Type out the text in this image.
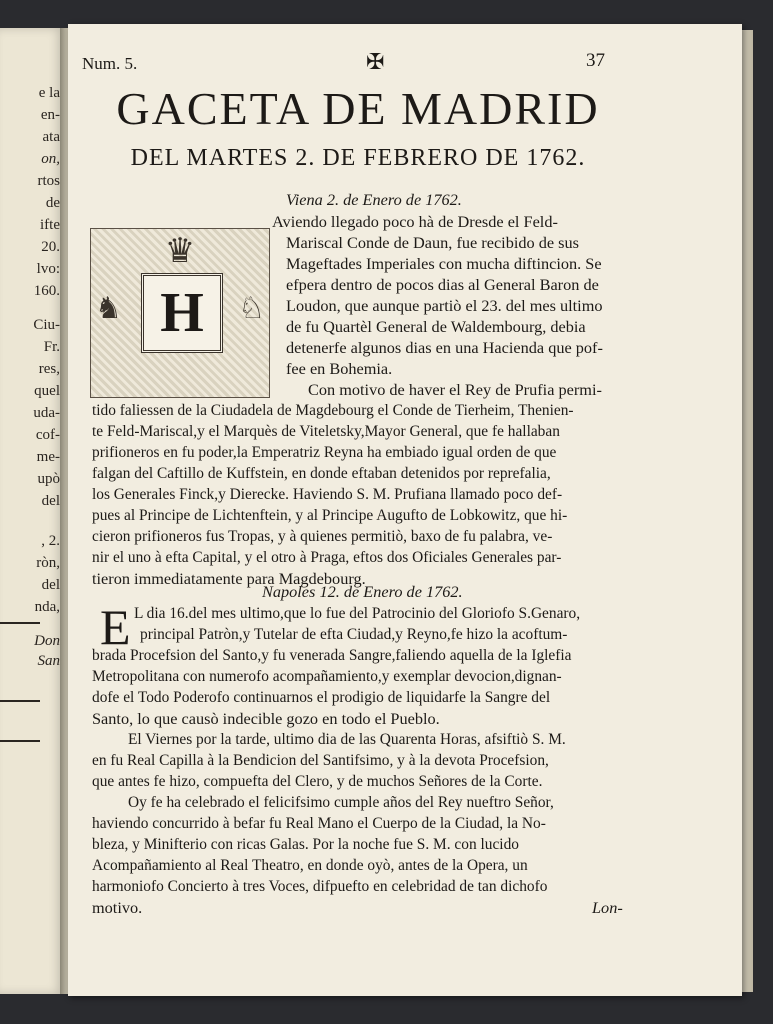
e la
en-
ata
on,
rtos
de
ifte
20.
lvo:
160.
Ciu-
Fr.
res,
quel
uda-
cof-
me-
upò
del
, 2.
ròn,
del
nda,
Don
San
Num. 5.	✠	37
GACETA DE MADRID
DEL MARTES 2. DE FEBRERO DE 1762.
♛
♞	♘
H
Viena 2. de Enero de 1762.
Aviendo llegado poco hà de Dresde el Feld-
Mariscal Conde de Daun, fue recibido de sus
Mageftades Imperiales con mucha diftincion. Se
efpera dentro de pocos dias al General Baron de
Loudon, que aunque partiò el 23. del mes ultimo
de fu Quartèl General de Waldembourg, debia
detenerfe algunos dias en una Hacienda que pof-
fee en Bohemia.
Con motivo de haver el Rey de Prufia permi-
tido faliessen de la Ciudadela de Magdebourg el Conde de Tierheim, Thenien-
te Feld-Mariscal,y el Marquès de Viteletsky,Mayor General, que fe hallaban
prifioneros en fu poder,la Emperatriz Reyna ha embiado igual orden de que
falgan del Caftillo de Kuffstein, en donde eftaban detenidos por reprefalia,
los Generales Finck,y Dierecke. Haviendo S. M. Prufiana llamado poco def-
pues al Principe de Lichtenftein, y al Principe Augufto de Lobkowitz, que hi-
cieron prifioneros fus Tropas, y à quienes permitiò, baxo de fu palabra, ve-
nir el uno à efta Capital, y el otro à Praga, eftos dos Oficiales Generales par-
tieron immediatamente para Magdebourg.
Napoles 12. de Enero de 1762.
E L dia 16.del mes ultimo,que lo fue del Patrocinio del Gloriofo S.Genaro,
principal Patròn,y Tutelar de efta Ciudad,y Reyno,fe hizo la acoftum-
brada Procefsion del Santo,y fu venerada Sangre,faliendo aquella de la Iglefia
Metropolitana con numerofo acompañamiento,y exemplar devocion,dignan-
dofe el Todo Poderofo continuarnos el prodigio de liquidarfe la Sangre del
Santo, lo que causò indecible gozo en todo el Pueblo.
El Viernes por la tarde, ultimo dia de las Quarenta Horas, afsiftiò S. M.
en fu Real Capilla à la Bendicion del Santifsimo, y à la devota Procefsion,
que antes fe hizo, compuefta del Clero, y de muchos Señores de la Corte.
Oy fe ha celebrado el felicifsimo cumple años del Rey nueftro Señor,
haviendo concurrido à befar fu Real Mano el Cuerpo de la Ciudad, la No-
bleza, y Minifterio con ricas Galas. Por la noche fue S. M. con lucido
Acompañamiento al Real Theatro, en donde oyò, antes de la Opera, un
harmoniofo Concierto à tres Voces, difpuefto en celebridad de tan dichofo
motivo.	Lon-
